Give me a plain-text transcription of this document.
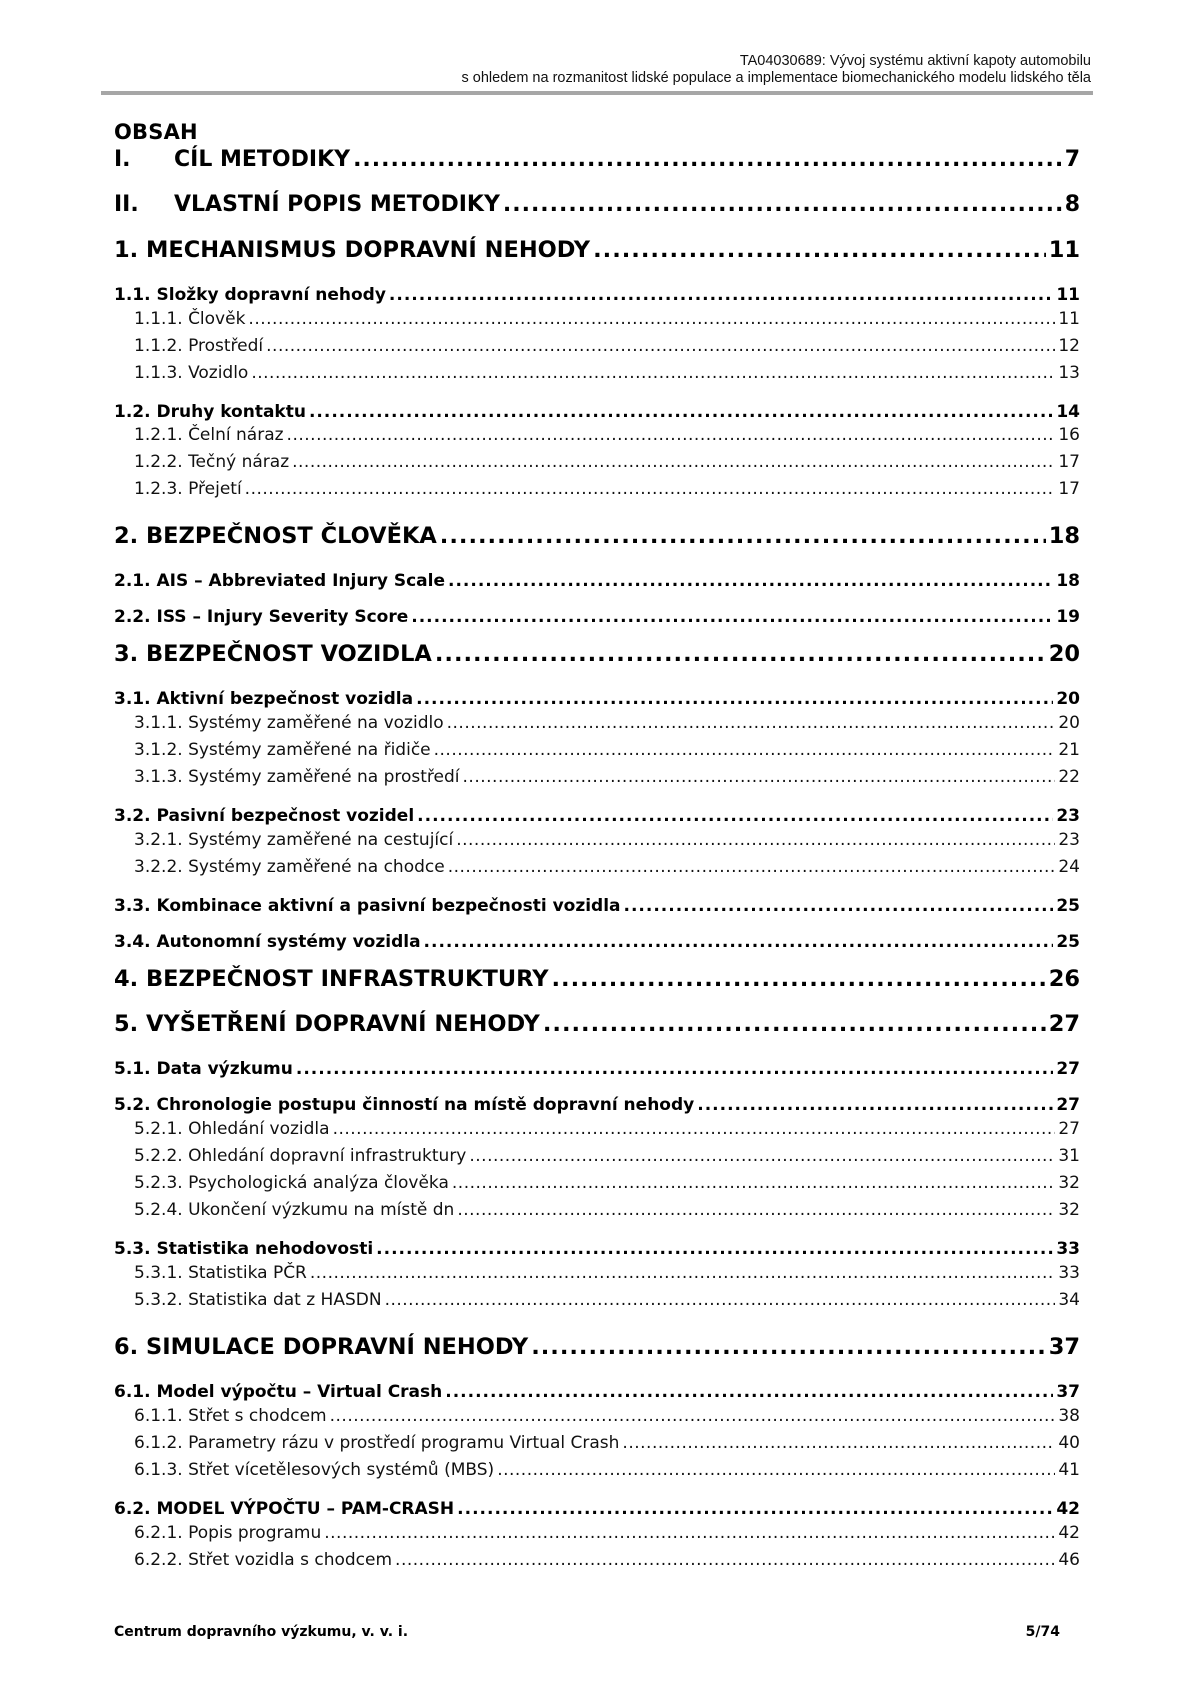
TA04030689: Vývoj systému aktivní kapoty automobilu
s ohledem na rozmanitost lidské populace a implementace biomechanického modelu lidského těla
OBSAH
I.	CÍL METODIKY .....	7
II.	VLASTNÍ POPIS METODIKY .....	8
1. MECHANISMUS DOPRAVNÍ NEHODY .....	11
1.1. Složky dopravní nehody .....	11
1.1.1. Člověk .....	11
1.1.2. Prostředí .....	12
1.1.3. Vozidlo .....	13
1.2. Druhy kontaktu .....	14
1.2.1. Čelní náraz .....	16
1.2.2. Tečný náraz .....	17
1.2.3. Přejetí .....	17
2. BEZPEČNOST ČLOVĚKA .....	18
2.1. AIS – Abbreviated Injury Scale .....	18
2.2. ISS – Injury Severity Score .....	19
3. BEZPEČNOST VOZIDLA .....	20
3.1. Aktivní bezpečnost vozidla .....	20
3.1.1. Systémy zaměřené na vozidlo .....	20
3.1.2. Systémy zaměřené na řidiče .....	21
3.1.3. Systémy zaměřené na prostředí .....	22
3.2. Pasivní bezpečnost vozidel .....	23
3.2.1. Systémy zaměřené na cestující .....	23
3.2.2. Systémy zaměřené na chodce .....	24
3.3. Kombinace aktivní a pasivní bezpečnosti vozidla .....	25
3.4. Autonomní systémy vozidla .....	25
4. BEZPEČNOST INFRASTRUKTURY .....	26
5. VYŠETŘENÍ DOPRAVNÍ NEHODY .....	27
5.1. Data výzkumu .....	27
5.2. Chronologie postupu činností na místě dopravní nehody .....	27
5.2.1. Ohledání vozidla .....	27
5.2.2. Ohledání dopravní infrastruktury .....	31
5.2.3. Psychologická analýza člověka .....	32
5.2.4. Ukončení výzkumu na místě dn .....	32
5.3. Statistika nehodovosti .....	33
5.3.1. Statistika PČR .....	33
5.3.2. Statistika dat z HASDN .....	34
6. SIMULACE DOPRAVNÍ NEHODY .....	37
6.1. Model výpočtu – Virtual Crash .....	37
6.1.1. Střet s chodcem .....	38
6.1.2. Parametry rázu v prostředí programu Virtual Crash .....	40
6.1.3. Střet vícetělesových systémů (MBS) .....	41
6.2. MODEL VÝPOČTU – PAM-CRASH .....	42
6.2.1. Popis programu .....	42
6.2.2. Střet vozidla s chodcem .....	46
Centrum dopravního výzkumu, v. v. i.	5/74
